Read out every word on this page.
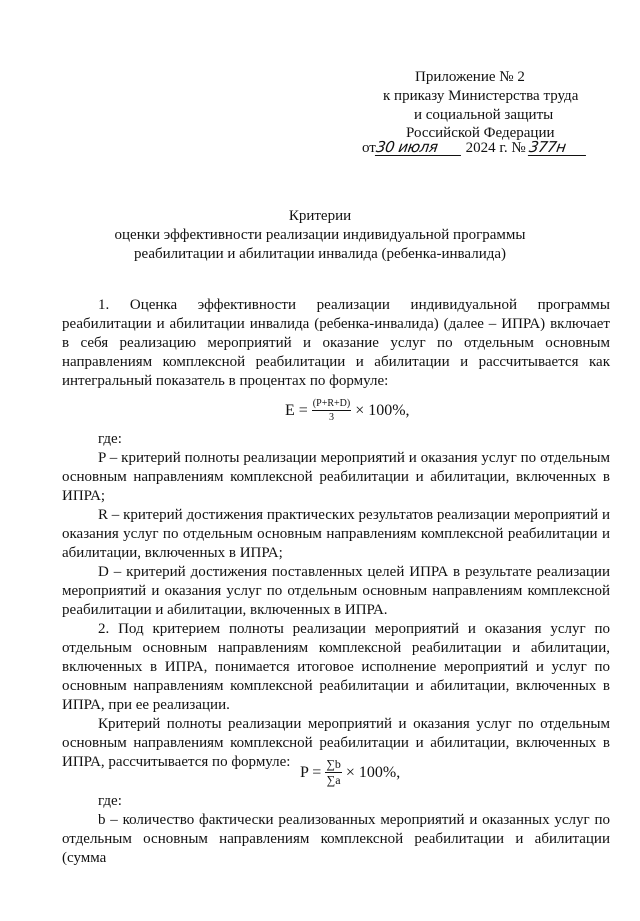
Приложение № 2
к приказу Министерства труда
и социальной защиты
Российской Федерации
от30 июля 2024 г. № 377н
Критерии
оценки эффективности реализации индивидуальной программы
реабилитации и абилитации инвалида (ребенка-инвалида)

1. Оценка эффективности реализации индивидуальной программы реабилитации и абилитации инвалида (ребенка-инвалида) (далее – ИПРА) включает в себя реализацию мероприятий и оказание услуг по отдельным основным направлениям комплексной реабилитации и абилитации и рассчитывается как интегральный показатель в процентах по формуле:

$E = \frac{(P+R+D)}{3} \times 100\%$,

где:

P – критерий полноты реализации мероприятий и оказания услуг по отдельным основным направлениям комплексной реабилитации и абилитации, включенных в ИПРА;

R – критерий достижения практических результатов реализации мероприятий и оказания услуг по отдельным основным направлениям комплексной реабилитации и абилитации, включенных в ИПРА;

D – критерий достижения поставленных целей ИПРА в результате реализации мероприятий и оказания услуг по отдельным основным направлениям комплексной реабилитации и абилитации, включенных в ИПРА.

2. Под критерием полноты реализации мероприятий и оказания услуг по отдельным основным направлениям комплексной реабилитации и абилитации, включенных в ИПРА, понимается итоговое исполнение мероприятий и услуг по основным направлениям комплексной реабилитации и абилитации, включенных в ИПРА, при ее реализации.

Критерий полноты реализации мероприятий и оказания услуг по отдельным основным направлениям комплексной реабилитации и абилитации, включенных в ИПРА, рассчитывается по формуле:

$P = \frac{\sum b}{\sum a} \times 100\%$,

где:

b – количество фактически реализованных мероприятий и оказанных услуг по отдельным основным направлениям комплексной реабилитации и абилитации (сумма
